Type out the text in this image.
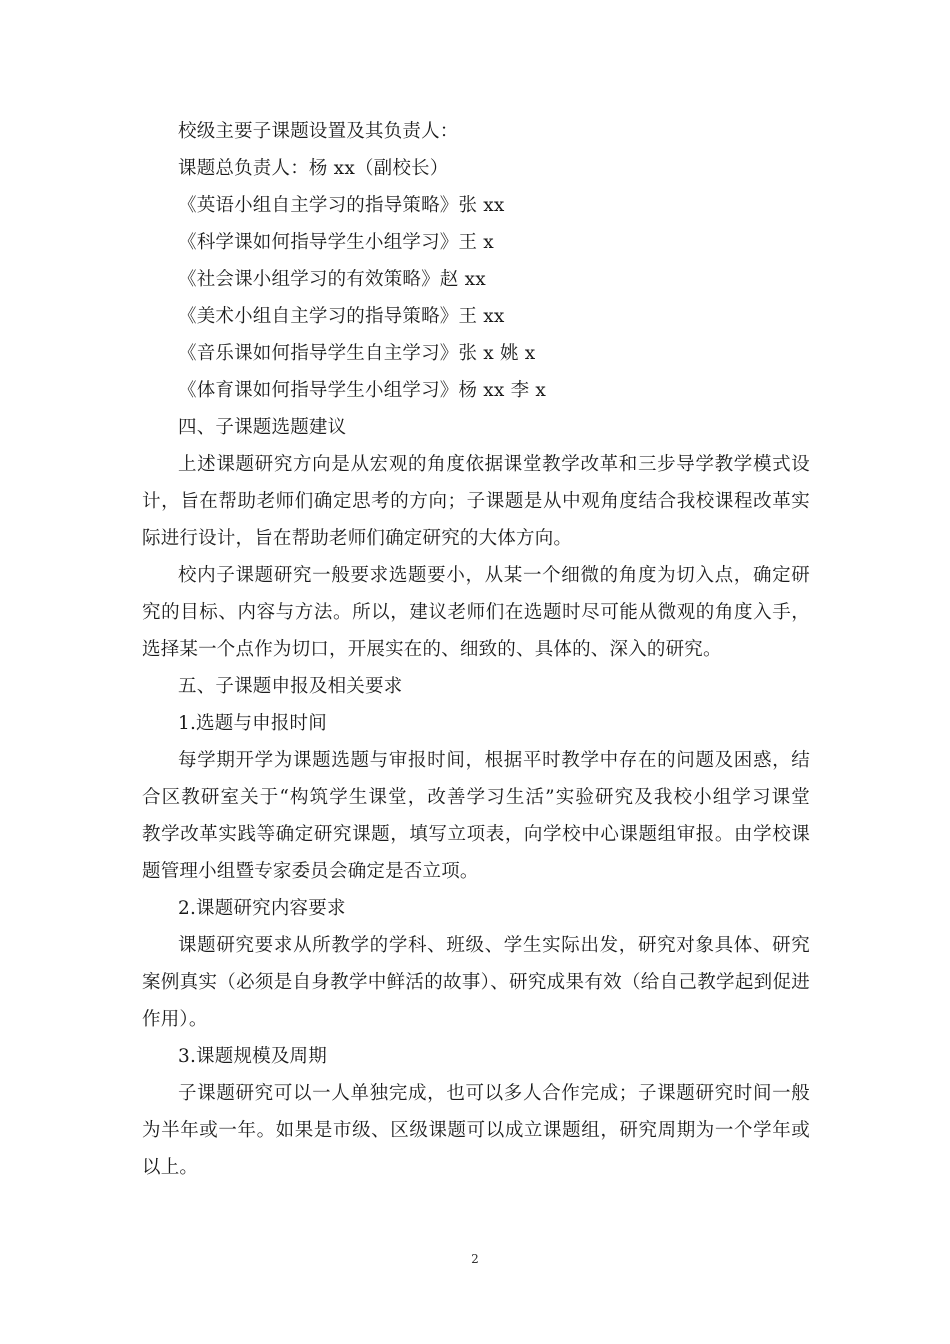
校级主要子课题设置及其负责人：
课题总负责人：杨 xx（副校长）
《英语小组自主学习的指导策略》张 xx
《科学课如何指导学生小组学习》王 x
《社会课小组学习的有效策略》赵 xx
《美术小组自主学习的指导策略》王 xx
《音乐课如何指导学生自主学习》张 x 姚 x
《体育课如何指导学生小组学习》杨 xx 李 x
四、子课题选题建议
上述课题研究方向是从宏观的角度依据课堂教学改革和三步导学教学模式设
计，旨在帮助老师们确定思考的方向；子课题是从中观角度结合我校课程改革实
际进行设计，旨在帮助老师们确定研究的大体方向。
校内子课题研究一般要求选题要小，从某一个细微的角度为切入点，确定研
究的目标、内容与方法。所以，建议老师们在选题时尽可能从微观的角度入手，
选择某一个点作为切口，开展实在的、细致的、具体的、深入的研究。
五、子课题申报及相关要求
1.选题与申报时间
每学期开学为课题选题与审报时间，根据平时教学中存在的问题及困惑，结
合区教研室关于“构筑学生课堂，改善学习生活”实验研究及我校小组学习课堂
教学改革实践等确定研究课题，填写立项表，向学校中心课题组审报。由学校课
题管理小组暨专家委员会确定是否立项。
2.课题研究内容要求
课题研究要求从所教学的学科、班级、学生实际出发，研究对象具体、研究
案例真实（必须是自身教学中鲜活的故事）、研究成果有效（给自己教学起到促进
作用）。
3.课题规模及周期
子课题研究可以一人单独完成，也可以多人合作完成；子课题研究时间一般
为半年或一年。如果是市级、区级课题可以成立课题组，研究周期为一个学年或
以上。
2
